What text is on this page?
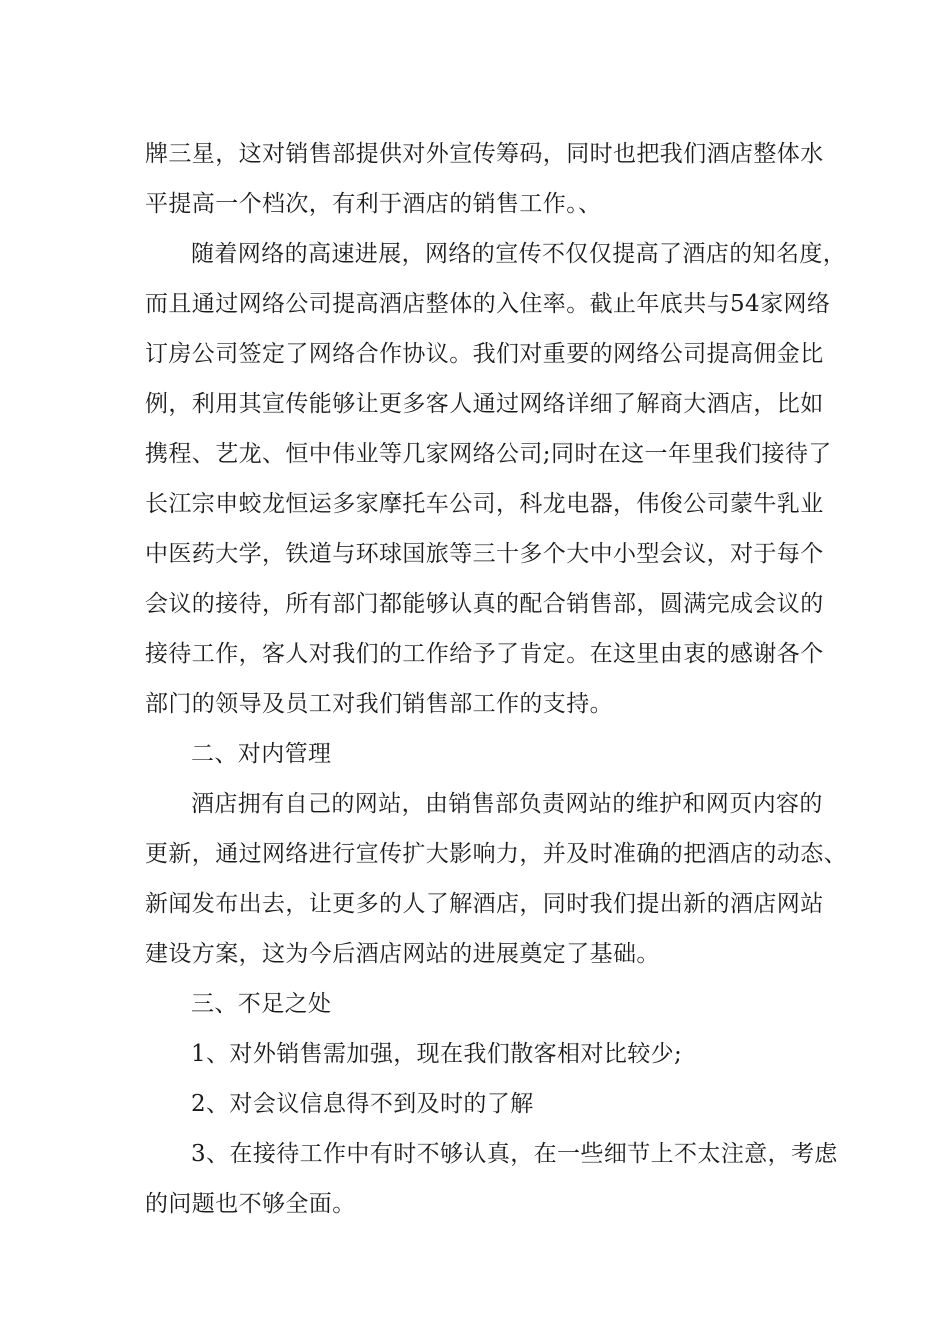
牌三星，这对销售部提供对外宣传筹码，同时也把我们酒店整体水
平提高一个档次，有利于酒店的销售工作。、
随着网络的高速进展，网络的宣传不仅仅提高了酒店的知名度，
而且通过网络公司提高酒店整体的入住率。截止年底共与54家网络
订房公司签定了网络合作协议。我们对重要的网络公司提高佣金比
例，利用其宣传能够让更多客人通过网络详细了解商大酒店，比如
携程、艺龙、恒中伟业等几家网络公司;同时在这一年里我们接待了
长江宗申蛟龙恒运多家摩托车公司，科龙电器，伟俊公司蒙牛乳业
中医药大学，铁道与环球国旅等三十多个大中小型会议，对于每个
会议的接待，所有部门都能够认真的配合销售部，圆满完成会议的
接待工作，客人对我们的工作给予了肯定。在这里由衷的感谢各个
部门的领导及员工对我们销售部工作的支持。
二、对内管理
酒店拥有自己的网站，由销售部负责网站的维护和网页内容的
更新，通过网络进行宣传扩大影响力，并及时准确的把酒店的动态、
新闻发布出去，让更多的人了解酒店，同时我们提出新的酒店网站
建设方案，这为今后酒店网站的进展奠定了基础。
三、不足之处
1、对外销售需加强，现在我们散客相对比较少;
2、对会议信息得不到及时的了解
3、在接待工作中有时不够认真，在一些细节上不太注意，考虑
的问题也不够全面。
